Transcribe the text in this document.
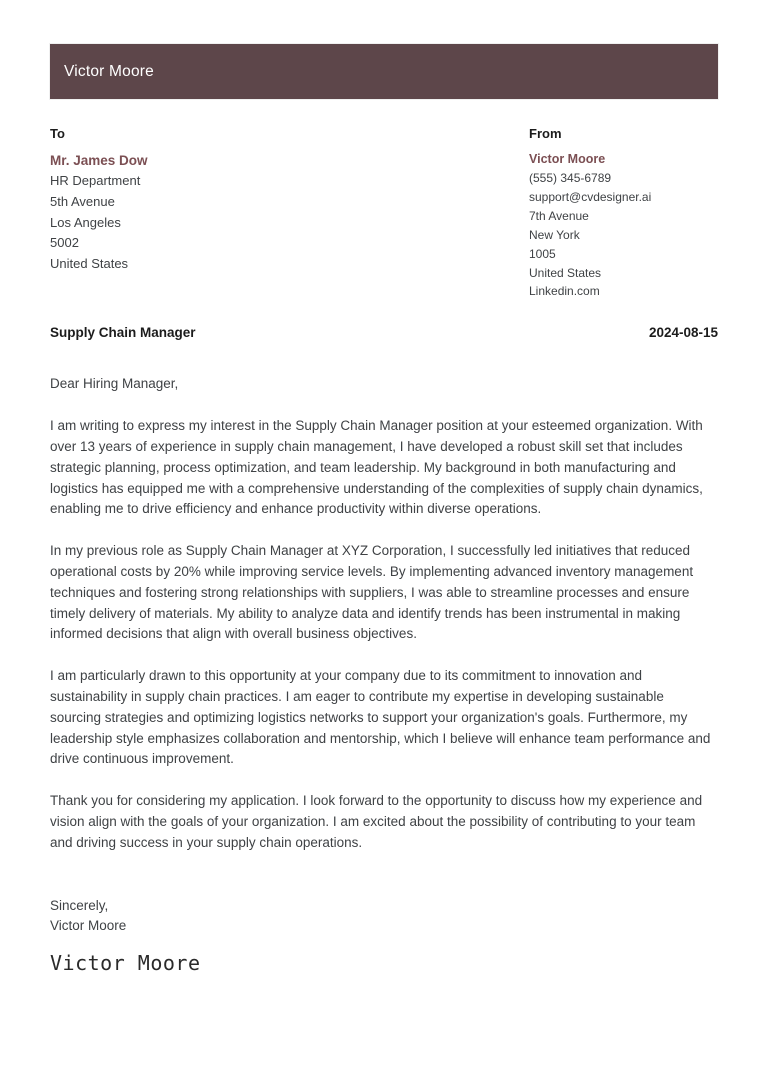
Victor Moore
To
Mr. James Dow
HR Department
5th Avenue
Los Angeles
5002
United States
From
Victor Moore
(555) 345-6789
support@cvdesigner.ai
7th Avenue
New York
1005
United States
Linkedin.com
Supply Chain Manager	2024-08-15
Dear Hiring Manager,

I am writing to express my interest in the Supply Chain Manager position at your esteemed organization. With over 13 years of experience in supply chain management, I have developed a robust skill set that includes strategic planning, process optimization, and team leadership. My background in both manufacturing and logistics has equipped me with a comprehensive understanding of the complexities of supply chain dynamics, enabling me to drive efficiency and enhance productivity within diverse operations.

In my previous role as Supply Chain Manager at XYZ Corporation, I successfully led initiatives that reduced operational costs by 20% while improving service levels. By implementing advanced inventory management techniques and fostering strong relationships with suppliers, I was able to streamline processes and ensure timely delivery of materials. My ability to analyze data and identify trends has been instrumental in making informed decisions that align with overall business objectives.

I am particularly drawn to this opportunity at your company due to its commitment to innovation and sustainability in supply chain practices. I am eager to contribute my expertise in developing sustainable sourcing strategies and optimizing logistics networks to support your organization's goals. Furthermore, my leadership style emphasizes collaboration and mentorship, which I believe will enhance team performance and drive continuous improvement.

Thank you for considering my application. I look forward to the opportunity to discuss how my experience and vision align with the goals of your organization. I am excited about the possibility of contributing to your team and driving success in your supply chain operations.

Sincerely,
Victor Moore
Victor Moore
